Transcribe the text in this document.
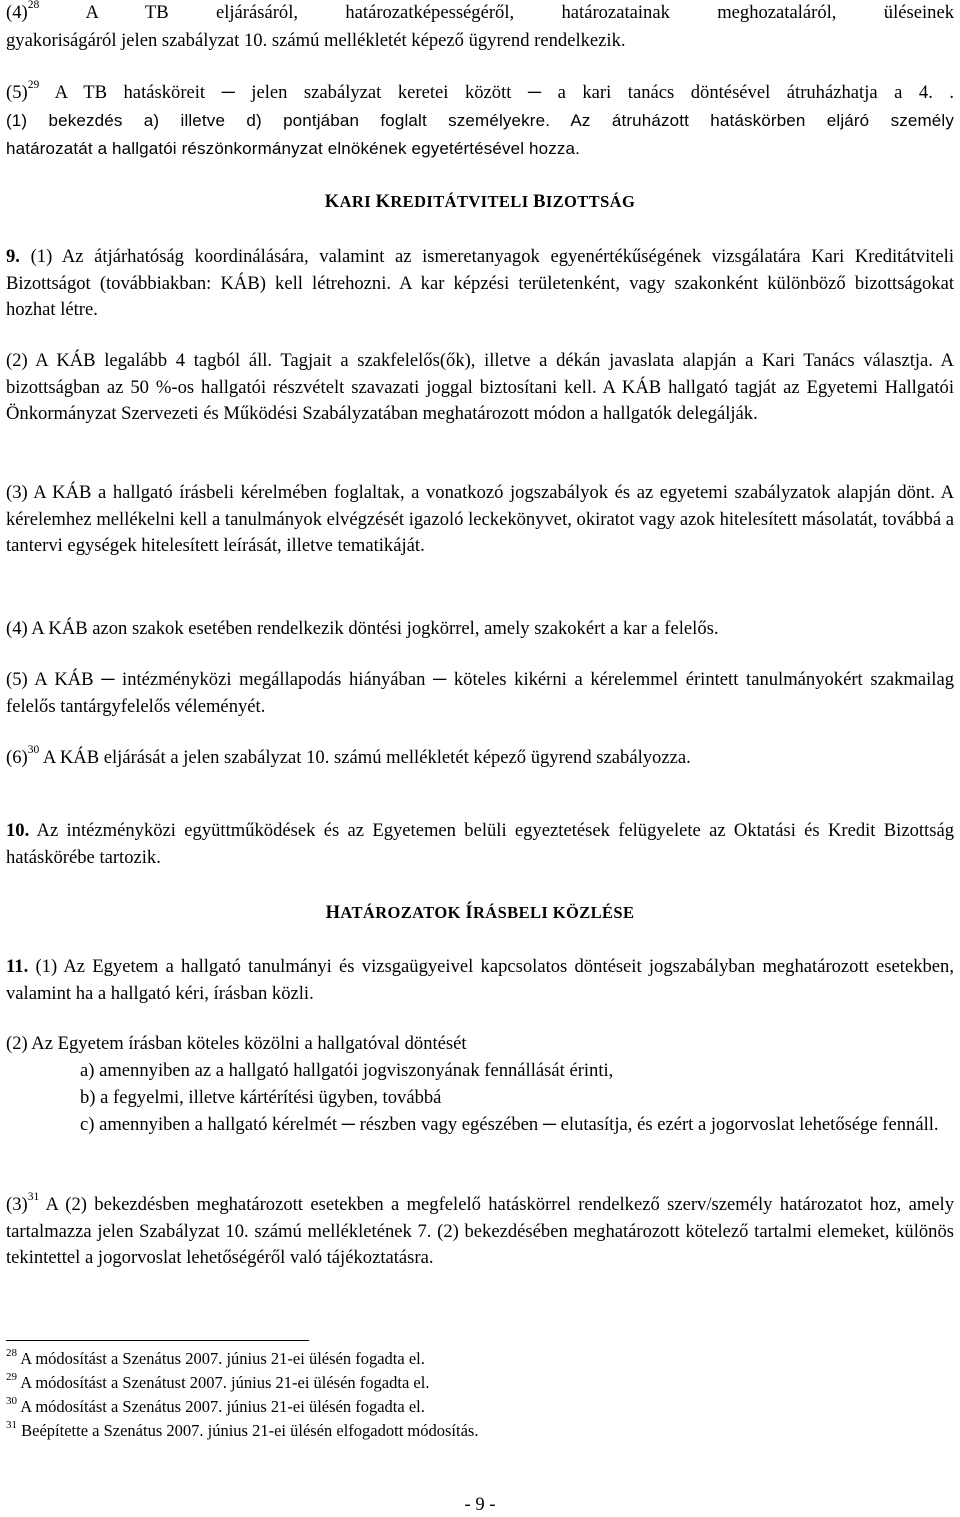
$(4)^{28}$ A TB eljárásáról, határozatképességéről, határozatainak meghozataláról, üléseinek

gyakoriságáról jelen szabályzat 10. számú mellékletét képező ügyrend rendelkezik.

$(5)^{29}$ A TB hatásköreit ─ jelen szabályzat keretei között ─ a kari tanács döntésével átruházhatja a 4. .

(1) bekezdés a) illetve d) pontjában foglalt személyekre. Az átruházott hatáskörben eljáró személy

határozatát a hallgatói részönkormányzat elnökének egyetértésével hozza.

KARI KREDITÁTVITELI BIZOTTSÁG

9. (1) Az átjárhatóság koordinálására, valamint az ismeretanyagok egyenértékűségének vizsgálatára Kari Kreditátviteli Bizottságot (továbbiakban: KÁB) kell létrehozni. A kar képzési területenként, vagy szakonként különböző bizottságokat hozhat létre.

(2) A KÁB legalább 4 tagból áll. Tagjait a szakfelelős(ők), illetve a dékán javaslata alapján a Kari Tanács választja. A bizottságban az 50 %-os hallgatói részvételt szavazati joggal biztosítani kell. A KÁB hallgató tagját az Egyetemi Hallgatói Önkormányzat Szervezeti és Működési Szabályzatában meghatározott módon a hallgatók delegálják.

(3) A KÁB a hallgató írásbeli kérelmében foglaltak, a vonatkozó jogszabályok és az egyetemi szabályzatok alapján dönt. A kérelemhez mellékelni kell a tanulmányok elvégzését igazoló leckekönyvet, okiratot vagy azok hitelesített másolatát, továbbá a tantervi egységek hitelesített leírását, illetve tematikáját.

(4) A KÁB azon szakok esetében rendelkezik döntési jogkörrel, amely szakokért a kar a felelős.

(5) A KÁB ─ intézményközi megállapodás hiányában ─ köteles kikérni a kérelemmel érintett tanulmányokért szakmailag felelős tantárgyfelelős véleményét.

$(6)^{30}$ A KÁB eljárását a jelen szabályzat 10. számú mellékletét képező ügyrend szabályozza.

10. Az intézményközi együttműködések és az Egyetemen belüli egyeztetések felügyelete az Oktatási és Kredit Bizottság hatáskörébe tartozik.

HATÁROZATOK ÍRÁSBELI KÖZLÉSE

11. (1) Az Egyetem a hallgató tanulmányi és vizsgaügyeivel kapcsolatos döntéseit jogszabályban meghatározott esetekben, valamint ha a hallgató kéri, írásban közli.

(2) Az Egyetem írásban köteles közölni a hallgatóval döntését

a) amennyiben az a hallgató hallgatói jogviszonyának fennállását érinti,

b) a fegyelmi, illetve kártérítési ügyben, továbbá

c) amennyiben a hallgató kérelmét ─ részben vagy egészében ─ elutasítja, és ezért a jogorvoslat lehetősége fennáll.

$(3)^{31}$ A (2) bekezdésben meghatározott esetekben a megfelelő hatáskörrel rendelkező szerv/személy határozatot hoz, amely tartalmazza jelen Szabályzat 10. számú mellékletének 7. (2) bekezdésében meghatározott kötelező tartalmi elemeket, különös tekintettel a jogorvoslat lehetőségéről való tájékoztatásra.

$^{28}$ A módosítást a Szenátus 2007. június 21-ei ülésén fogadta el.
$^{29}$ A módosítást a Szenátust 2007. június 21-ei ülésén fogadta el.
$^{30}$ A módosítást a Szenátus 2007. június 21-ei ülésén fogadta el.
$^{31}$ Beépítette a Szenátus 2007. június 21-ei ülésén elfogadott módosítás.
- 9 -
